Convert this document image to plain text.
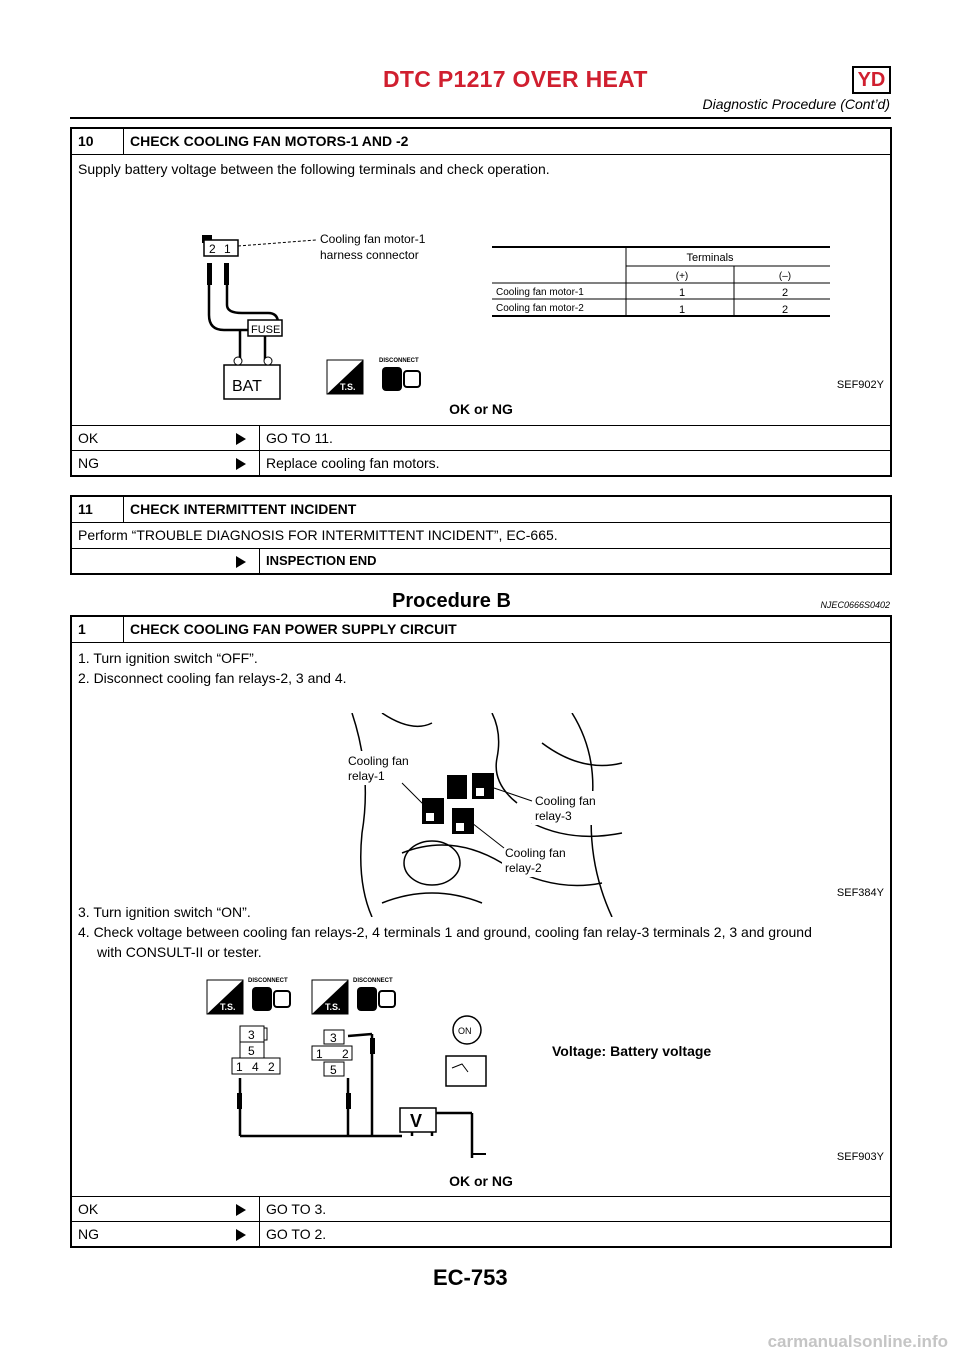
DTC P1217 OVER HEAT	YD
Diagnostic Procedure (Cont’d)
10	CHECK COOLING FAN MOTORS-1 AND -2
Supply battery voltage between the following terminals and check operation.
2 1
Cooling fan motor-1
harness connector
FUSE
BAT	T.S.
DISCONNECT
Terminals
(+)	(–)
Cooling fan motor-1	1	2
Cooling fan motor-2	1	2
SEF902Y
OK or NG
OK	GO TO 11.
NG	Replace cooling fan motors.
11	CHECK INTERMITTENT INCIDENT
Perform “TROUBLE DIAGNOSIS FOR INTERMITTENT INCIDENT”, EC-665.
INSPECTION END
Procedure B	NJEC0666S0402
1	CHECK COOLING FAN POWER SUPPLY CIRCUIT
1. Turn ignition switch “OFF”.
2. Disconnect cooling fan relays-2, 3 and 4.
Cooling fan
relay-1
Cooling fan
relay-3
Cooling fan
relay-2
SEF384Y
3. Turn ignition switch “ON”.
4. Check voltage between cooling fan relays-2, 4 terminals 1 and ground, cooling fan relay-3 terminals 2, 3 and ground
with CONSULT-II or tester.
T.S.
DISCONNECT
T.S.
DISCONNECT
3
5
1 4 2
3
1 2
5
V
ON
Voltage: Battery voltage
SEF903Y
OK or NG
OK	GO TO 3.
NG	GO TO 2.
EC-753
carmanualsonline.info
